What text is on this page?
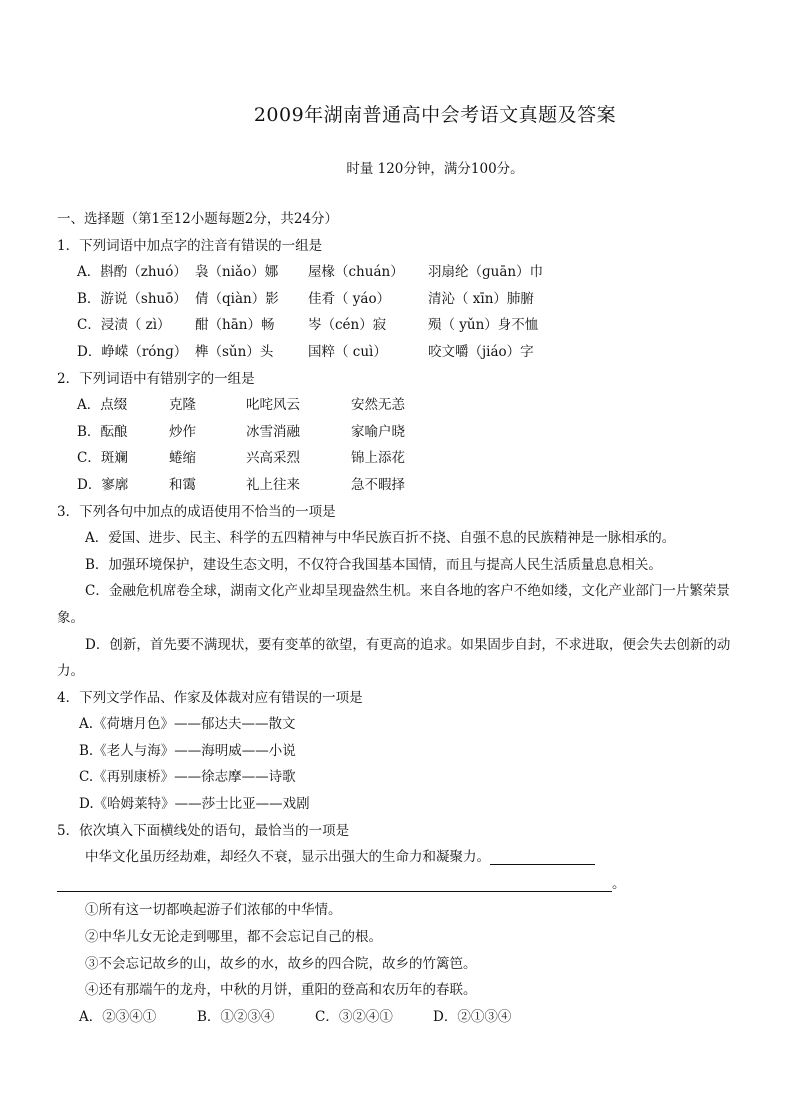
2009年湖南普通高中会考语文真题及答案
时量 120分钟，满分100分。
一、选择题（第1至12小题每题2分，共24分）
1．下列词语中加点字的注音有错误的一组是
A．斟酌（zhuó） 袅（niǎo）娜	屋椽（chuán）	羽扇纶（ɡuān）巾
B．游说（shuō） 倩（qiàn）影	佳肴（ yáo）	清沁（ xīn）肺腑
C．浸渍（ zì）	酣（hān）畅	岑（cén）寂	殒（ yǔn）身不恤
D．峥嵘（rónɡ） 榫（sǔn）头	国粹（ cuì）	咬文嚼（jiáo）字
2．下列词语中有错别字的一组是
A．点缀	克隆	叱咤风云	安然无恙
B．酝酿	炒作	冰雪消融	家喻户晓
C．斑斓	蜷缩	兴高采烈	锦上添花
D．寥廓	和霭	礼上往来	急不暇择
3．下列各句中加点的成语使用不恰当的一项是
A．爱国、进步、民主、科学的五四精神与中华民族百折不挠、自强不息的民族精神是一脉相承的。
B．加强环境保护，建设生态文明，不仅符合我国基本国情，而且与提高人民生活质量息息相关。
C．金融危机席卷全球，湖南文化产业却呈现盎然生机。来自各地的客户不绝如缕，文化产业部门一片繁荣景象。
D．创新，首先要不满现状，要有变革的欲望，有更高的追求。如果固步自封，不求进取，便会失去创新的动力。
4．下列文学作品、作家及体裁对应有错误的一项是
A.《荷塘月色》——郁达夫——散文
B.《老人与海》——海明威——小说
C.《再别康桥》——徐志摩——诗歌
D.《哈姆莱特》——莎士比亚——戏剧
5．依次填入下面横线处的语句，最恰当的一项是
中华文化虽历经劫难，却经久不衰，显示出强大的生命力和凝聚力。
。
①所有这一切都唤起游子们浓郁的中华情。
②中华儿女无论走到哪里，都不会忘记自己的根。
③不会忘记故乡的山，故乡的水，故乡的四合院，故乡的竹篱笆。
④还有那端午的龙舟，中秋的月饼，重阳的登高和农历年的春联。
A．②③④①	B．①②③④	C．③②④①	D．②①③④
